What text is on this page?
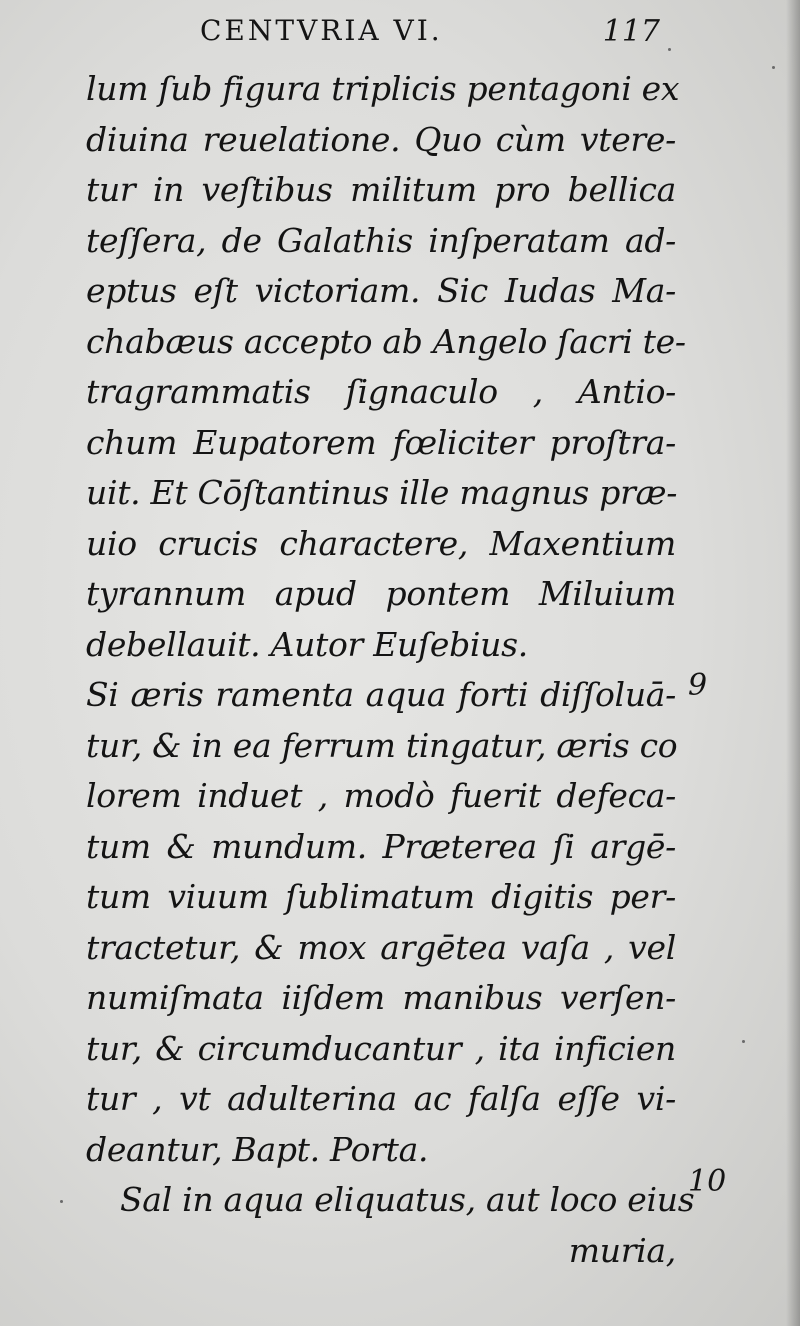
CENTVRIA VI.	117
lum ſub figura triplicis pentagoni ex
diuina reuelatione. Quo cùm vtere-
tur in veſtibus militum pro bellica
teſſera, de Galathis inſperatam ad-
eptus eſt victoriam. Sic Iudas Ma-
chabæus accepto ab Angelo ſacri te-
tragrammatis ſignaculo , Antio-
chum Eupatorem fœliciter proſtra-
uit. Et Cōſtantinus ille magnus præ-
uio crucis charactere, Maxentium
tyrannum apud pontem Miluium
debellauit. Autor Euſebius.
Si æris ramenta aqua forti diſſoluā-
tur, & in ea ferrum tingatur, æris co
lorem induet , modò fuerit defeca-
tum & mundum. Præterea ſi argē-
tum viuum ſublimatum digitis per-
tractetur, & mox argētea vaſa , vel
numiſmata iiſdem manibus verſen-
tur, & circumducantur , ita inficien
tur , vt adulterina ac falſa eſſe vi-
deantur, Bapt. Porta.
Sal in aqua eliquatus, aut loco eius
muria,
9
10
